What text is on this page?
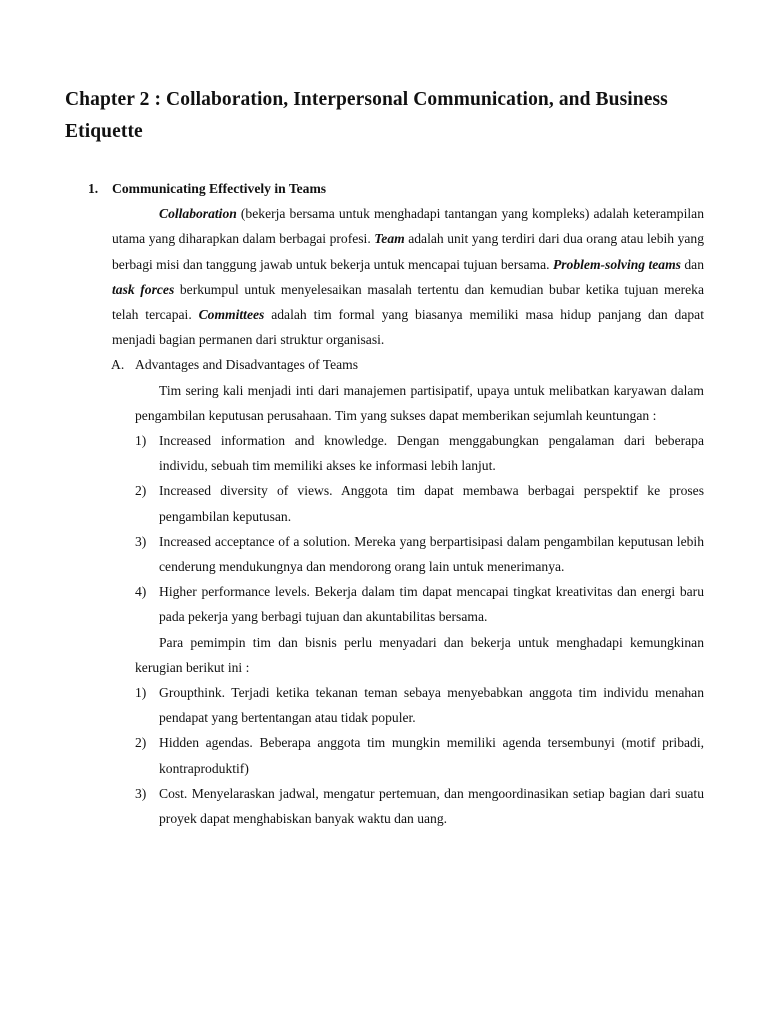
Chapter 2 : Collaboration, Interpersonal Communication, and Business Etiquette
1. Communicating Effectively in Teams

Collaboration (bekerja bersama untuk menghadapi tantangan yang kompleks) adalah keterampilan utama yang diharapkan dalam berbagai profesi. Team adalah unit yang terdiri dari dua orang atau lebih yang berbagi misi dan tanggung jawab untuk bekerja untuk mencapai tujuan bersama. Problem-solving teams dan task forces berkumpul untuk menyelesaikan masalah tertentu dan kemudian bubar ketika tujuan mereka telah tercapai. Committees adalah tim formal yang biasanya memiliki masa hidup panjang dan dapat menjadi bagian permanen dari struktur organisasi.

A. Advantages and Disadvantages of Teams

Tim sering kali menjadi inti dari manajemen partisipatif, upaya untuk melibatkan karyawan dalam pengambilan keputusan perusahaan. Tim yang sukses dapat memberikan sejumlah keuntungan :

1) Increased information and knowledge. Dengan menggabungkan pengalaman dari beberapa individu, sebuah tim memiliki akses ke informasi lebih lanjut.
2) Increased diversity of views. Anggota tim dapat membawa berbagai perspektif ke proses pengambilan keputusan.
3) Increased acceptance of a solution. Mereka yang berpartisipasi dalam pengambilan keputusan lebih cenderung mendukungnya dan mendorong orang lain untuk menerimanya.
4) Higher performance levels. Bekerja dalam tim dapat mencapai tingkat kreativitas dan energi baru pada pekerja yang berbagi tujuan dan akuntabilitas bersama.

Para pemimpin tim dan bisnis perlu menyadari dan bekerja untuk menghadapi kemungkinan kerugian berikut ini :

1) Groupthink. Terjadi ketika tekanan teman sebaya menyebabkan anggota tim individu menahan pendapat yang bertentangan atau tidak populer.
2) Hidden agendas. Beberapa anggota tim mungkin memiliki agenda tersembunyi (motif pribadi, kontraproduktif)
3) Cost. Menyelaraskan jadwal, mengatur pertemuan, dan mengoordinasikan setiap bagian dari suatu proyek dapat menghabiskan banyak waktu dan uang.
